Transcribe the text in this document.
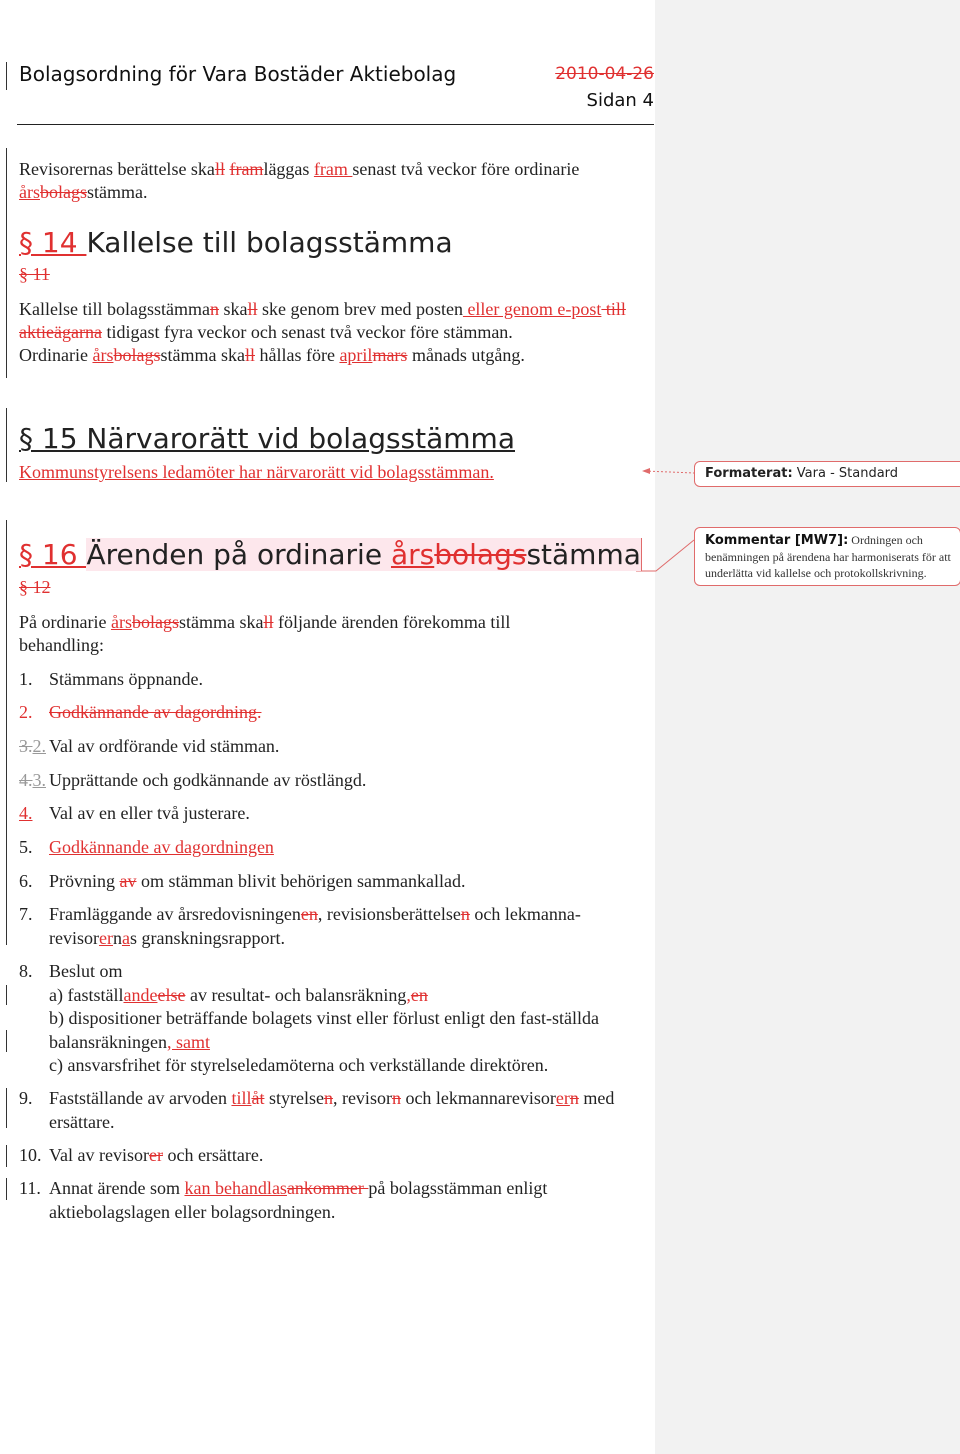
Bolagsordning för Vara Bostäder Aktiebolag	2010-04-26
Sidan 4
Revisorernas berättelse skall framläggas fram senast två veckor före ordinarie årsbolagsstämma.
§ 14 Kallelse till bolagsstämma
§ 11
Kallelse till bolagsstämman skall ske genom brev med posten eller genom e-post till aktieägarna tidigast fyra veckor och senast två veckor före stämman.
Ordinarie årsbolagsstämma skall hållas före aprilmars månads utgång.
§ 15 Närvarorätt vid bolagsstämma
Kommunstyrelsens ledamöter har närvarorätt vid bolagsstämman.
§ 16 Ärenden på ordinarie årsbolagsstämma
§ 12
På ordinarie årsbolagsstämma skall följande ärenden förekomma till behandling:
1. Stämmans öppnande.
2. Godkännande av dagordning.
3.2. Val av ordförande vid stämman.
4.3. Upprättande och godkännande av röstlängd.
4. Val av en eller två justerare.
5. Godkännande av dagordningen
6. Prövning av om stämman blivit behörigen sammankallad.
7. Framläggande av årsredovisningenen, revisionsberättelsen och lekmanna-revisorernas granskningsrapport.
8. Beslut om
a) fastställandeelse av resultat- och balansräkning,en
b) dispositioner beträffande bolagets vinst eller förlust enligt den fast-ställda balansräkningen, samt
c) ansvarsfrihet för styrelseledamöterna och verkställande direktören.
9. Fastställande av arvoden tillåt styrelsen, revisorn och lekmannarevisorern med ersättare.
10. Val av revisorer och ersättare.
11. Annat ärende som kan behandlasankommer på bolagsstämman enligt aktiebolagslagen eller bolagsordningen.
Formaterat: Vara - Standard
Kommentar [MW7]: Ordningen och benämningen på ärendena har harmoniserats för att underlätta vid kallelse och protokollskrivning.
